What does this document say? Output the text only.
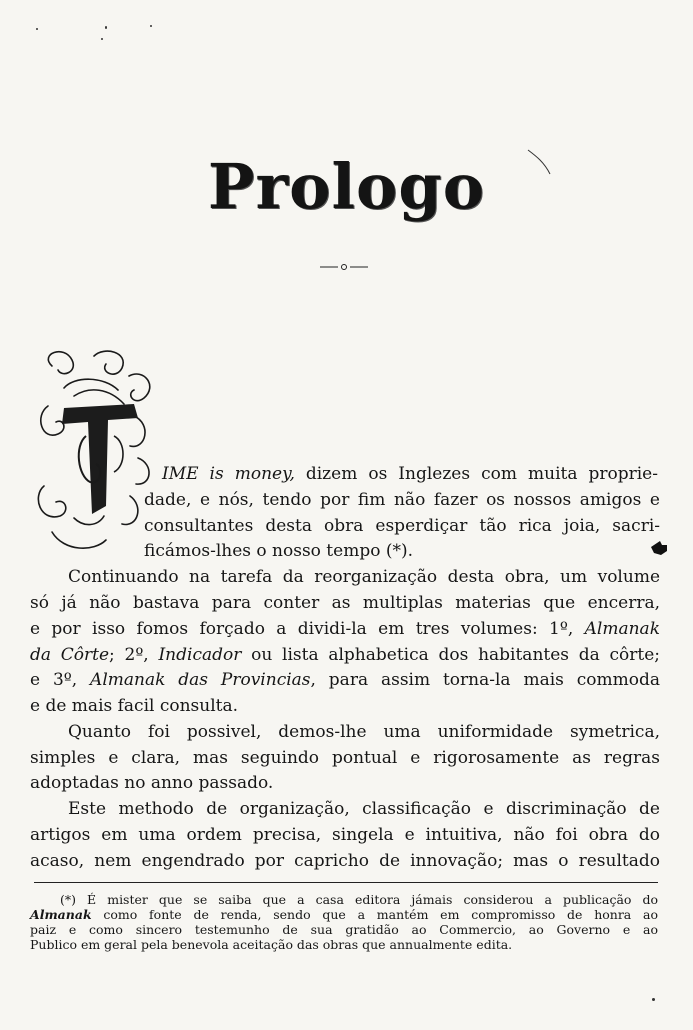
Prologo
IME is money, dizem os Inglezes com muita proprie-
dade, e nós, tendo por fim não fazer os nossos amigos e
consultantes desta obra esperdiçar tão rica joia, sacri-
ficámos-lhes o nosso tempo (*).
Continuando na tarefa da reorganização desta obra, um volume
só já não bastava para conter as multiplas materias que encerra,
e por isso fomos forçado a dividi-la em tres volumes: 1º, Almanak
da Côrte; 2º, Indicador ou lista alphabetica dos habitantes da côrte;
e 3º, Almanak das Provincias, para assim torna-la mais commoda
e de mais facil consulta.
Quanto foi possivel, demos-lhe uma uniformidade symetrica,
simples e clara, mas seguindo pontual e rigorosamente as regras
adoptadas no anno passado.
Este methodo de organização, classificação e discriminação de
artigos em uma ordem precisa, singela e intuitiva, não foi obra do
acaso, nem engendrado por capricho de innovação; mas o resultado
(*) É mister que se saiba que a casa editora jámais considerou a publicação do
Almanak como fonte de renda, sendo que a mantém em compromisso de honra ao
paiz e como sincero testemunho de sua gratidão ao Commercio, ao Governo e ao
Publico em geral pela benevola aceitação das obras que annualmente edita.
